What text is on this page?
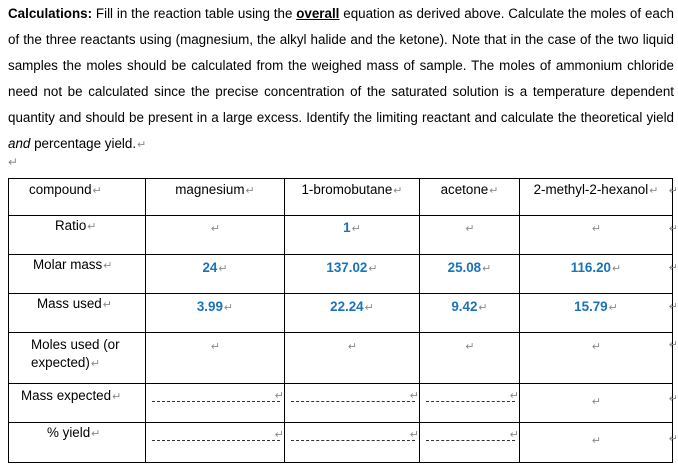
Calculations: Fill in the reaction table using the overall equation as derived above. Calculate the moles of each of the three reactants using (magnesium, the alkyl halide and the ketone). Note that in the case of the two liquid samples the moles should be calculated from the weighed mass of sample. The moles of ammonium chloride need not be calculated since the precise concentration of the saturated solution is a temperature dependent quantity and should be present in a large excess. Identify the limiting reactant and calculate the theoretical yield and percentage yield.↵
↵
compound↵	magnesium↵	1-bromobutane↵	acetone↵	2-methyl-2-hexanol↵
Ratio↵	↵	1↵	↵	↵
Molar mass↵	24↵	137.02↵	25.08↵	116.20↵
Mass used↵	3.99↵	22.24↵	9.42↵	15.79↵
Moles used (or expected)↵	↵	↵	↵	↵
Mass expected↵	↵	↵	↵	↵
% yield↵	↵	↵	↵	↵
↵
↵
↵
↵
↵
↵
↵
